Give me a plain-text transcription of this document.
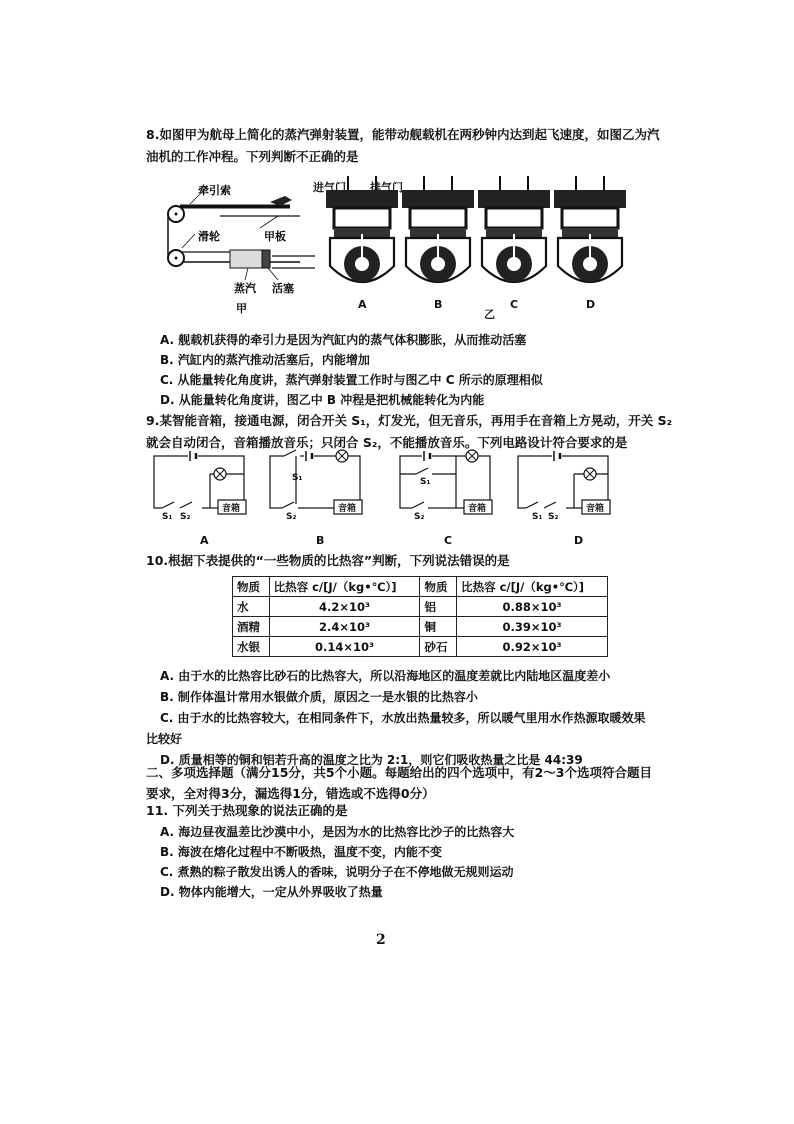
8.如图甲为航母上简化的蒸汽弹射装置，能带动舰载机在两秒钟内达到起飞速度，如图乙为汽
油机的工作冲程。下列判断不正确的是
牵引索
滑轮	甲板
蒸汽 活塞
甲
进气门 排气门
A	B	C	D
乙
A. 舰载机获得的牵引力是因为汽缸内的蒸气体积膨胀，从而推动活塞
B. 汽缸内的蒸汽推动活塞后，内能增加
C. 从能量转化角度讲，蒸汽弹射装置工作时与图乙中 C 所示的原理相似
D. 从能量转化角度讲，图乙中 B 冲程是把机械能转化为内能
9.某智能音箱，接通电源，闭合开关 S₁，灯发光，但无音乐，再用手在音箱上方晃动，开关 S₂
就会自动闭合，音箱播放音乐；只闭合 S₂，不能播放音乐。下列电路设计符合要求的是
音箱
S₁ S₂
S₁
音箱
S₂
S₁
音箱
S₂
音箱
S₁ S₂
A	B	C	D
10.根据下表提供的“一些物质的比热容”判断，下列说法错误的是
物质	比热容 c/[J/（kg•℃）]	物质	比热容 c/[J/（kg•℃）]
水	4.2×10³	铝	0.88×10³
酒精	2.4×10³	铜	0.39×10³
水银	0.14×10³	砂石	0.92×10³
A. 由于水的比热容比砂石的比热容大，所以沿海地区的温度差就比内陆地区温度差小
B. 制作体温计常用水银做介质，原因之一是水银的比热容小
C. 由于水的比热容较大，在相同条件下，水放出热量较多，所以暖气里用水作热源取暖效果
比较好
D. 质量相等的铜和铝若升高的温度之比为 2:1，则它们吸收热量之比是 44:39
二、多项选择题（满分15分，共5个小题。每题给出的四个选项中，有2～3个选项符合题目
要求，全对得3分，漏选得1分，错选或不选得0分）
11. 下列关于热现象的说法正确的是
A. 海边昼夜温差比沙漠中小，是因为水的比热容比沙子的比热容大
B. 海波在熔化过程中不断吸热，温度不变，内能不变
C. 煮熟的粽子散发出诱人的香味，说明分子在不停地做无规则运动
D. 物体内能增大，一定从外界吸收了热量
2
